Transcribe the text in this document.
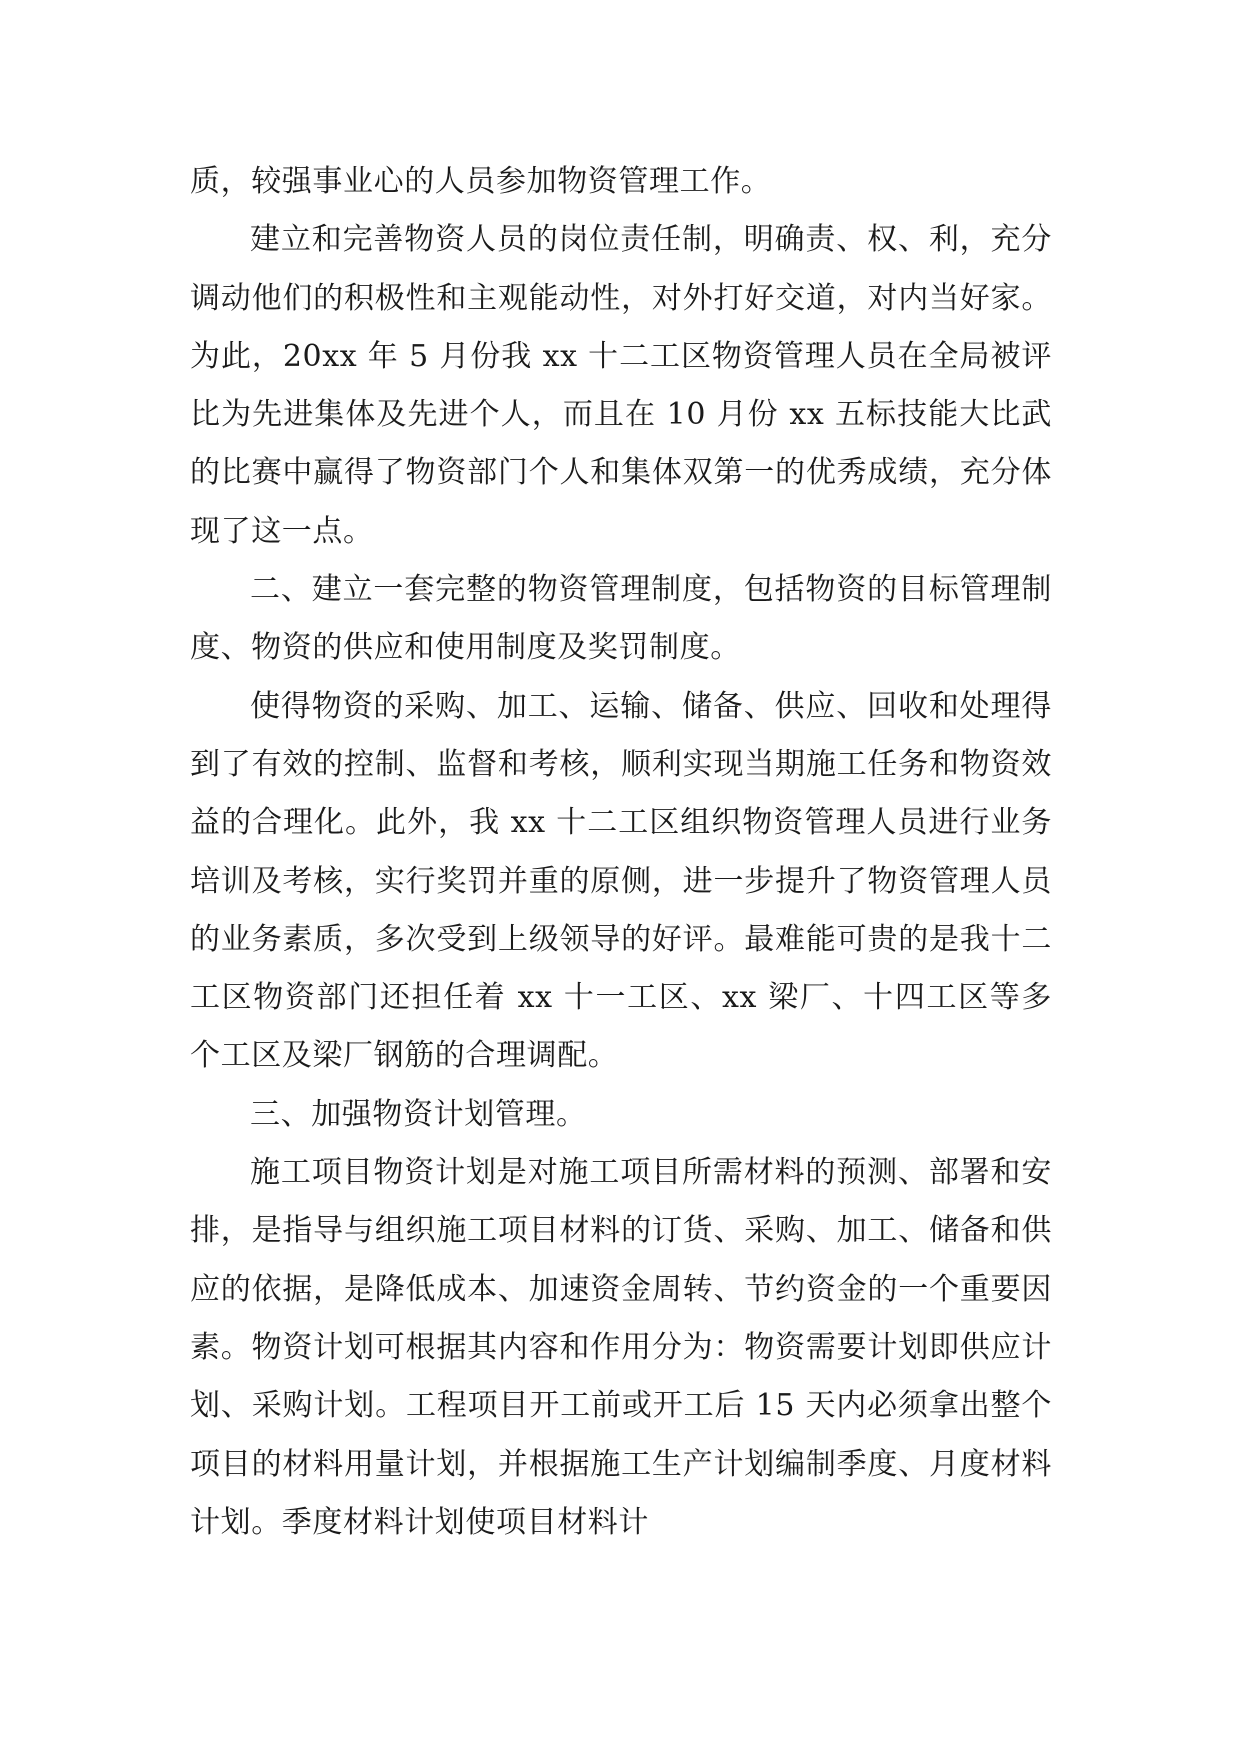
质，较强事业心的人员参加物资管理工作。

建立和完善物资人员的岗位责任制，明确责、权、利，充分调动他们的积极性和主观能动性，对外打好交道，对内当好家。为此，20xx 年 5 月份我 xx 十二工区物资管理人员在全局被评比为先进集体及先进个人，而且在 10 月份 xx 五标技能大比武的比赛中赢得了物资部门个人和集体双第一的优秀成绩，充分体现了这一点。

二、建立一套完整的物资管理制度，包括物资的目标管理制度、物资的供应和使用制度及奖罚制度。

使得物资的采购、加工、运输、储备、供应、回收和处理得到了有效的控制、监督和考核，顺利实现当期施工任务和物资效益的合理化。此外，我 xx 十二工区组织物资管理人员进行业务培训及考核，实行奖罚并重的原侧，进一步提升了物资管理人员的业务素质，多次受到上级领导的好评。最难能可贵的是我十二工区物资部门还担任着 xx 十一工区、xx 梁厂、十四工区等多个工区及梁厂钢筋的合理调配。

三、加强物资计划管理。

施工项目物资计划是对施工项目所需材料的预测、部署和安排，是指导与组织施工项目材料的订货、采购、加工、储备和供应的依据，是降低成本、加速资金周转、节约资金的一个重要因素。物资计划可根据其内容和作用分为：物资需要计划即供应计划、采购计划。工程项目开工前或开工后 15 天内必须拿出整个项目的材料用量计划，并根据施工生产计划编制季度、月度材料计划。季度材料计划使项目材料计
